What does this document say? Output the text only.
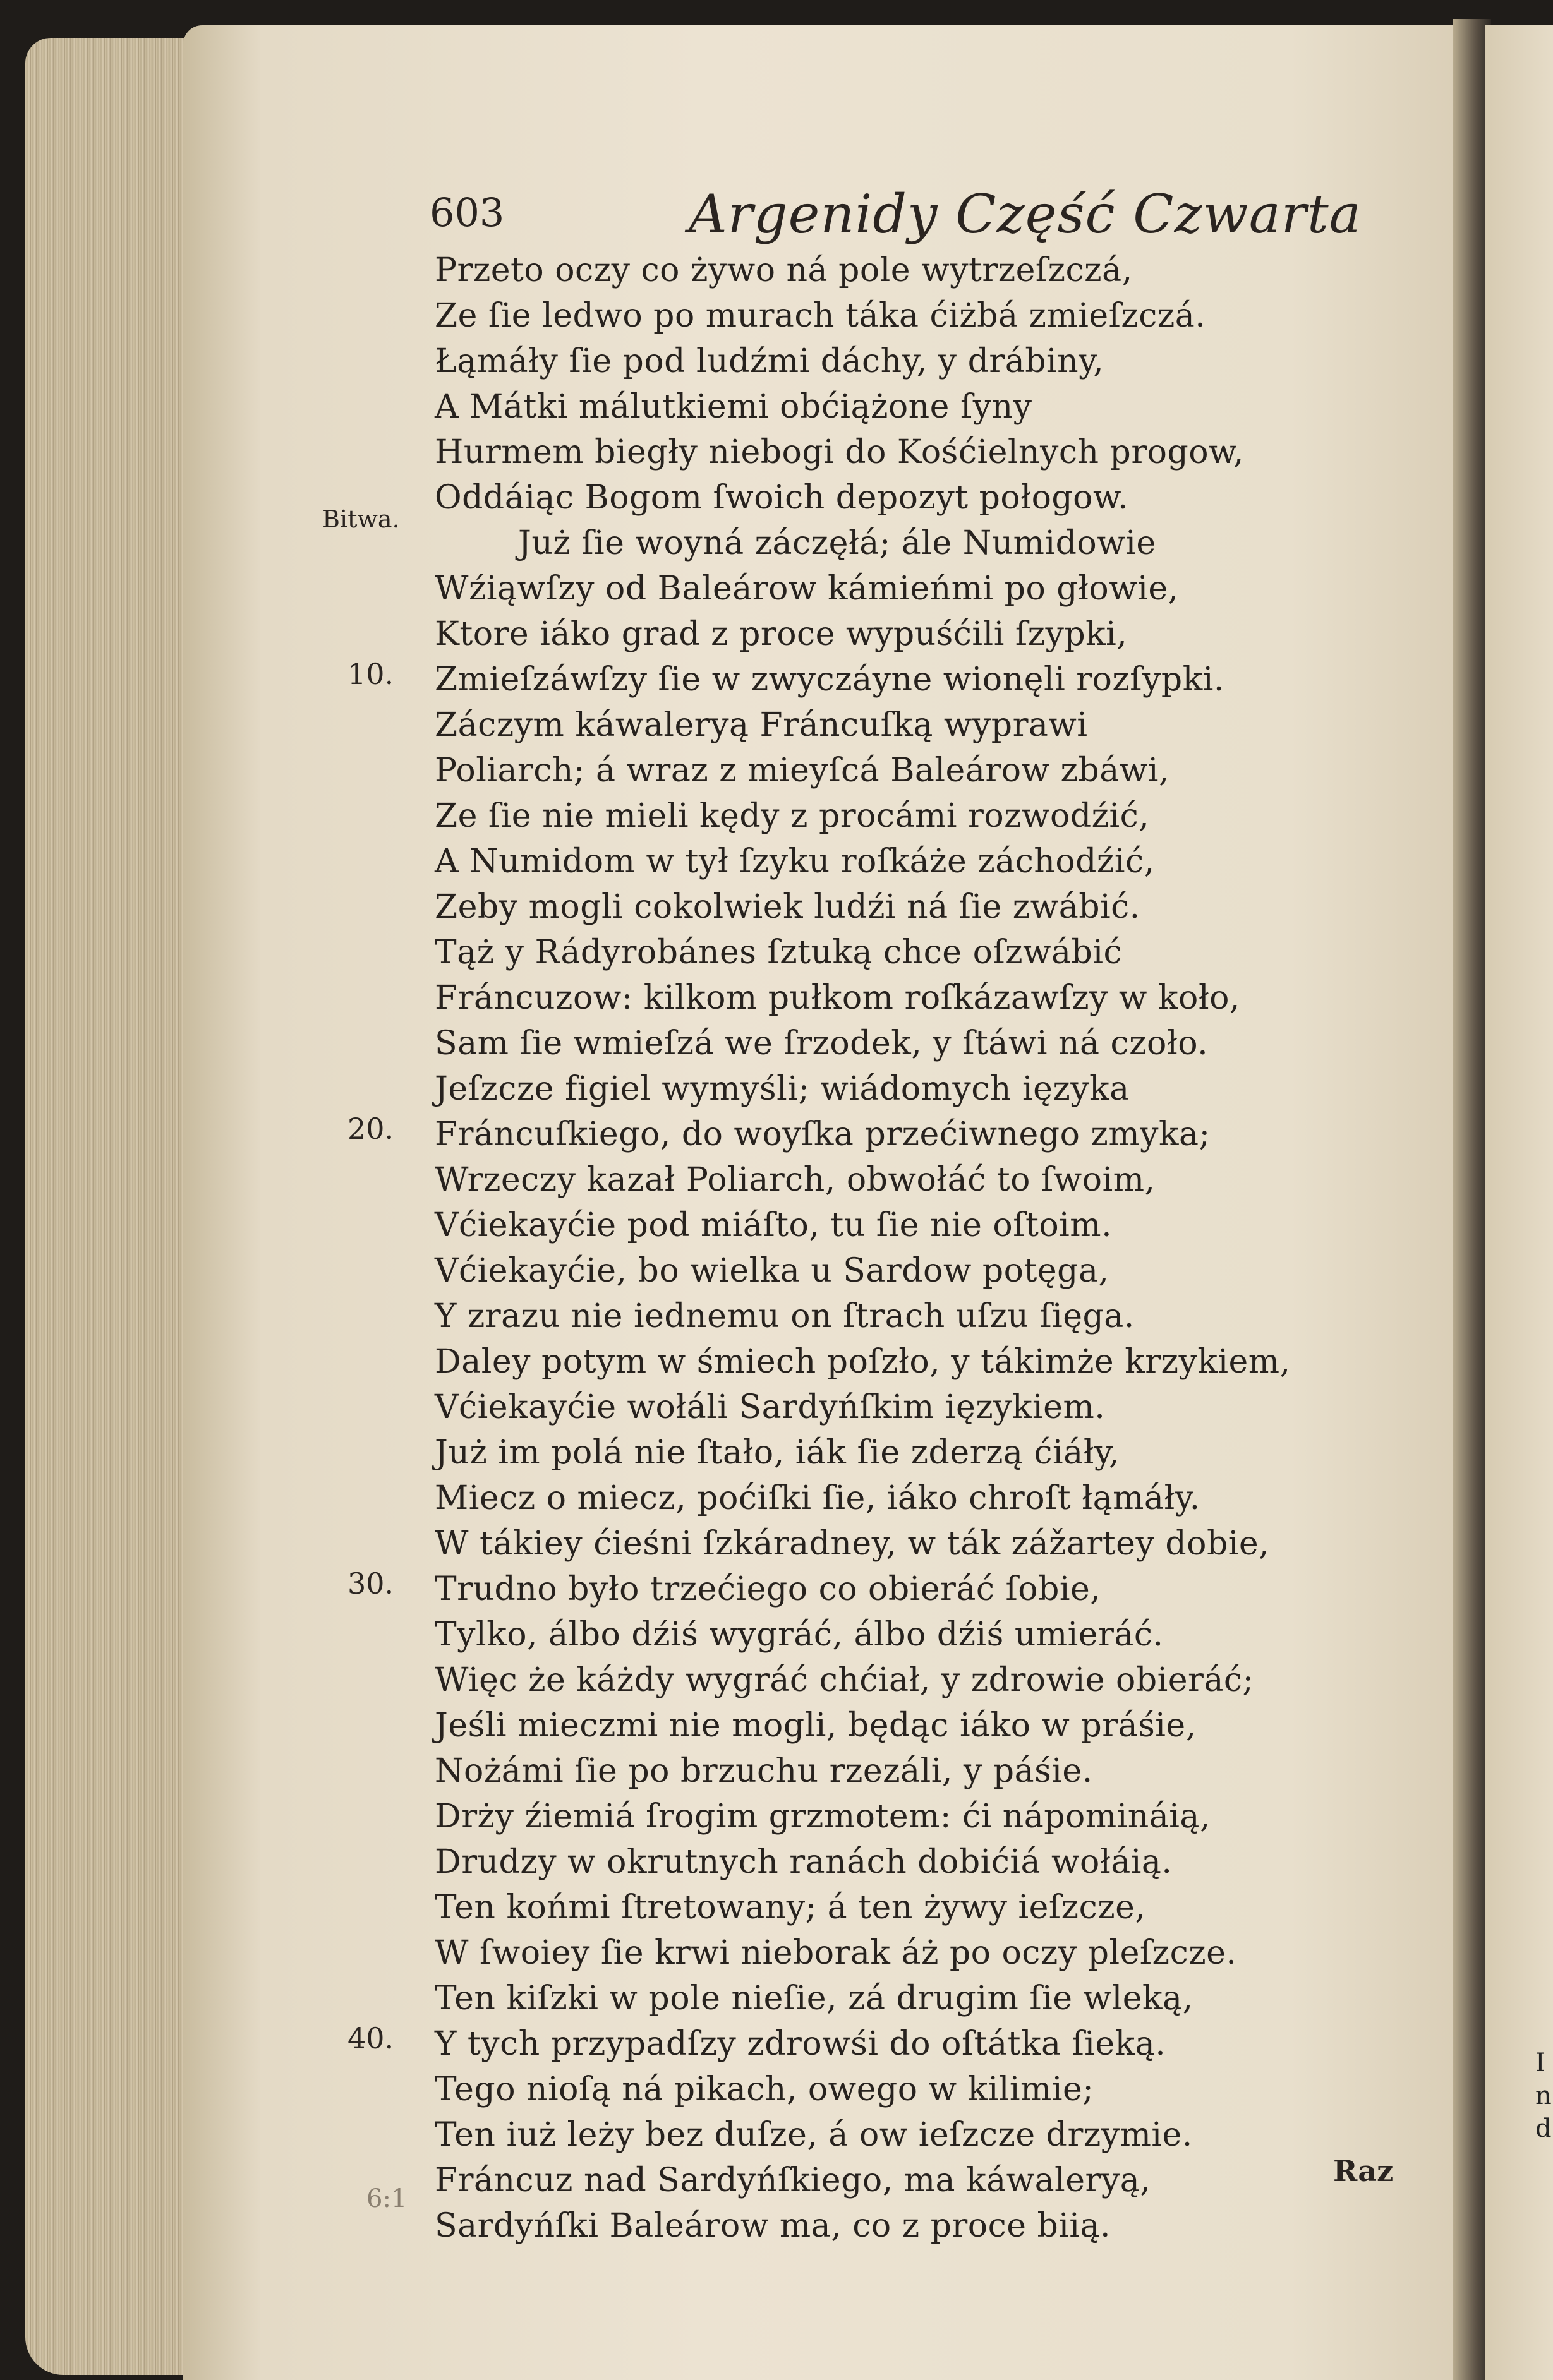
603	Argenidy Część Czwarta
Przeto oczy co żywo ná pole wytrzeſzczá,
Ze ſie ledwo po murach táka ćiżbá zmieſzczá.
Łąmáły ſie pod ludźmi dáchy, y drábiny,
A Mátki málutkiemi obćiążone ſyny
Hurmem biegły niebogi do Kośćielnych progow,
Oddáiąc Bogom ſwoich depozyt połogow.
Już ſie woyná záczęłá; ále Numidowie
Wźiąwſzy od Baleárow kámieńmi po głowie,
Ktore iáko grad z proce wypuśćili ſzypki,
Zmieſzáwſzy ſie w zwyczáyne wionęli rozſypki.
Záczym káwaleryą Fráncuſką wyprawi
Poliarch; á wraz z mieyſcá Baleárow zbáwi,
Ze ſie nie mieli kędy z procámi rozwodźić,
A Numidom w tył ſzyku roſkáże záchodźić,
Zeby mogli cokolwiek ludźi ná ſie zwábić.
Tąż y Rádyrobánes ſztuką chce oſzwábić
Fráncuzow: kilkom pułkom roſkázawſzy w koło,
Sam ſie wmieſzá we ſrzodek, y ſtáwi ná czoło.
Jeſzcze figiel wymyśli; wiádomych ięzyka
Fráncuſkiego, do woyſka przećiwnego zmyka;
Wrzeczy kazał Poliarch, obwołáć to ſwoim,
Vćiekayćie pod miáſto, tu ſie nie oſtoim.
Vćiekayćie, bo wielka u Sardow potęga,
Y zrazu nie iednemu on ſtrach uſzu ſięga.
Daley potym w śmiech poſzło, y tákimże krzykiem,
Vćiekayćie wołáli Sardyńſkim ięzykiem.
Już im polá nie ſtało, iák ſie zderzą ćiáły,
Miecz o miecz, poćiſki ſie, iáko chroſt łąmáły.
W tákiey ćieśni ſzkáradney, w ták zážartey dobie,
Trudno było trzećiego co obieráć ſobie,
Tylko, álbo dźiś wygráć, álbo dźiś umieráć.
Więc że káżdy wygráć chćiał, y zdrowie obieráć;
Jeśli mieczmi nie mogli, będąc iáko w práśie,
Nożámi ſie po brzuchu rzezáli, y páśie.
Drży źiemiá ſrogim grzmotem: ći nápomináią,
Drudzy w okrutnych ranách dobićiá wołáią.
Ten końmi ſtretowany; á ten żywy ieſzcze,
W ſwoiey ſie krwi nieborak áż po oczy pleſzcze.
Ten kiſzki w pole nieſie, zá drugim ſie wleką,
Y tych przypadſzy zdrowśi do oſtátka ſieką.
Tego nioſą ná pikach, owego w kilimie;
Ten iuż leży bez duſze, á ow ieſzcze drzymie.
Fráncuz nad Sardyńſkiego, ma káwaleryą,
Sardyńſki Baleárow ma, co z proce biią.
Bitwa.
10.
20.
30.
40.
Raz
6:1
I
n
d
